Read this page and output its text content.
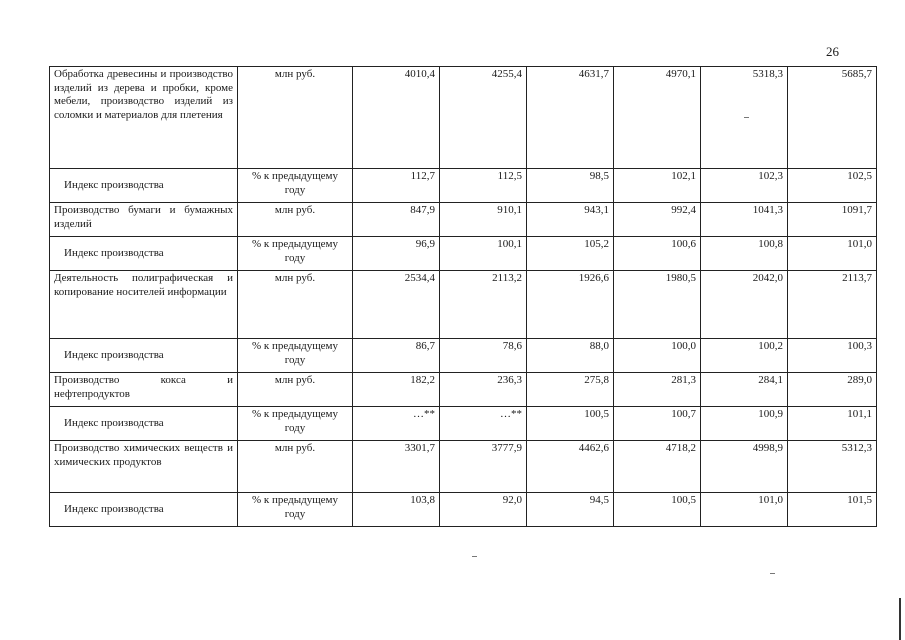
26
Обработка древесины и производство изделий из дерева и пробки, кроме мебели, производство изделий из соломки и материалов для плетения	млн руб.	4010,4	4255,4	4631,7	4970,1	5318,3	5685,7
Индекс производства	% к предыдущему году	112,7	112,5	98,5	102,1	102,3	102,5
Производство бумаги и бумажных изделий	млн руб.	847,9	910,1	943,1	992,4	1041,3	1091,7
Индекс производства	% к предыдущему году	96,9	100,1	105,2	100,6	100,8	101,0
Деятельность полиграфическая и копирование носителей информации	млн руб.	2534,4	2113,2	1926,6	1980,5	2042,0	2113,7
Индекс производства	% к предыдущему году	86,7	78,6	88,0	100,0	100,2	100,3
Производство кокса и нефтепродуктов	млн руб.	182,2	236,3	275,8	281,3	284,1	289,0
Индекс производства	% к предыдущему году	…**	…**	100,5	100,7	100,9	101,1
Производство химических веществ и химических продуктов	млн руб.	3301,7	3777,9	4462,6	4718,2	4998,9	5312,3
Индекс производства	% к предыдущему году	103,8	92,0	94,5	100,5	101,0	101,5
